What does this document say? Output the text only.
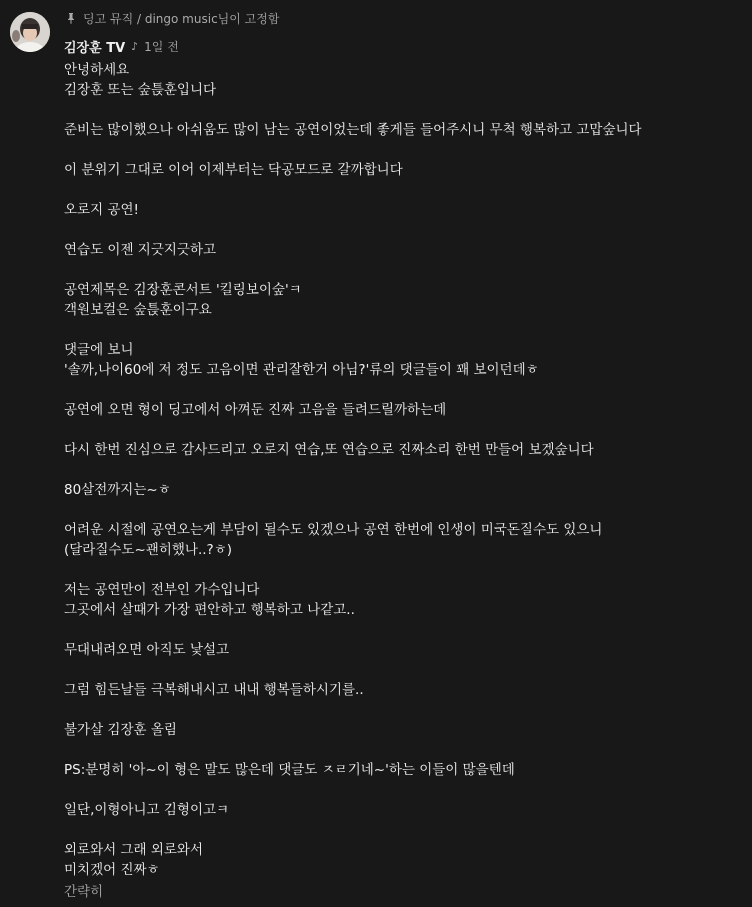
딩고 뮤직 / dingo music님이 고정함
김장훈 TV ♪ 1일 전
안녕하세요
김장훈 또는 숲튽훈입니다
준비는 많이했으나 아쉬움도 많이 남는 공연이었는데 좋게들 들어주시니 무척 행복하고 고맙숲니다
이 분위기 그대로 이어 이제부터는 닥공모드로 갈까합니다
오로지 공연!
연습도 이젠 지긋지긋하고
공연제목은 김장훈콘서트 '킬링보이숲'ㅋ
객원보컬은 숲튽훈이구요
댓글에 보니
'솔까,나이60에 저 정도 고음이면 관리잘한거 아님?'류의 댓글들이 꽤 보이던데ㅎ
공연에 오면 형이 딩고에서 아껴둔 진짜 고음을 들려드릴까하는데
다시 한번 진심으로 감사드리고 오로지 연습,또 연습으로 진짜소리 한번 만들어 보겠숲니다
80살전까지는~ㅎ
어려운 시절에 공연오는게 부담이 될수도 있겠으나 공연 한번에 인생이 미국돈질수도 있으니
(달라질수도~괜히했나..?ㅎ)
저는 공연만이 전부인 가수입니다
그곳에서 살때가 가장 편안하고 행복하고 나같고..
무대내려오면 아직도 낯설고
그럼 힘든날들 극복해내시고 내내 행복들하시기를..
불가살 김장훈 올림
PS:분명히 '아~이 형은 말도 많은데 댓글도 ㅈㄹ기네~'하는 이들이 많을텐데
일단,이형아니고 김형이고ㅋ
외로와서 그래 외로와서
미치겠어 진짜ㅎ
간략히
